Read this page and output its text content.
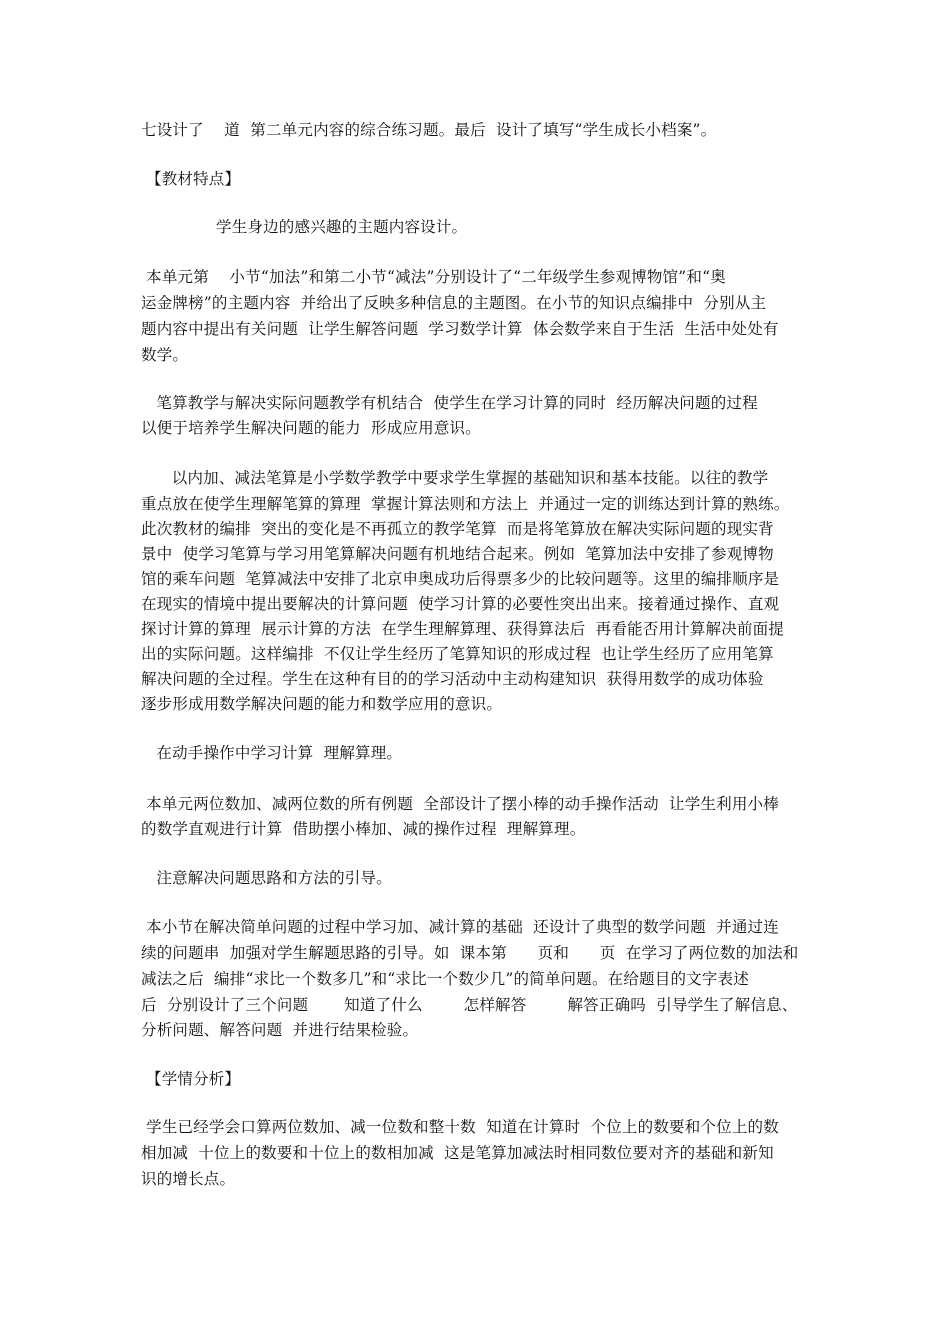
七设计了    道  第二单元内容的综合练习题。最后  设计了填写“学生成长小档案”。
【教材特点】
学生身边的感兴趣的主题内容设计。
本单元第    小节“加法”和第二小节“减法”分别设计了“二年级学生参观博物馆”和“奥
运金牌榜”的主题内容  并给出了反映多种信息的主题图。在小节的知识点编排中  分别从主
题内容中提出有关问题  让学生解答问题  学习数学计算  体会数学来自于生活  生活中处处有
数学。
笔算教学与解决实际问题教学有机结合  使学生在学习计算的同时  经历解决问题的过程
以便于培养学生解决问题的能力  形成应用意识。
以内加、减法笔算是小学数学教学中要求学生掌握的基础知识和基本技能。以往的教学
重点放在使学生理解笔算的算理  掌握计算法则和方法上  并通过一定的训练达到计算的熟练。
此次教材的编排  突出的变化是不再孤立的教学笔算  而是将笔算放在解决实际问题的现实背
景中  使学习笔算与学习用笔算解决问题有机地结合起来。例如  笔算加法中安排了参观博物
馆的乘车问题  笔算减法中安排了北京申奥成功后得票多少的比较问题等。这里的编排顺序是
在现实的情境中提出要解决的计算问题  使学习计算的必要性突出出来。接着通过操作、直观
探讨计算的算理  展示计算的方法  在学生理解算理、获得算法后  再看能否用计算解决前面提
出的实际问题。这样编排  不仅让学生经历了笔算知识的形成过程  也让学生经历了应用笔算
解决问题的全过程。学生在这种有目的的学习活动中主动构建知识  获得用数学的成功体验
逐步形成用数学解决问题的能力和数学应用的意识。
在动手操作中学习计算  理解算理。
本单元两位数加、减两位数的所有例题  全部设计了摆小棒的动手操作活动  让学生利用小棒
的数学直观进行计算  借助摆小棒加、减的操作过程  理解算理。
注意解决问题思路和方法的引导。
本小节在解决简单问题的过程中学习加、减计算的基础  还设计了典型的数学问题  并通过连
续的问题串  加强对学生解题思路的引导。如  课本第      页和      页  在学习了两位数的加法和
减法之后  编排“求比一个数多几”和“求比一个数少几”的简单问题。在给题目的文字表述
后  分别设计了三个问题       知道了什么        怎样解答        解答正确吗  引导学生了解信息、
分析问题、解答问题  并进行结果检验。
【学情分析】
学生已经学会口算两位数加、减一位数和整十数  知道在计算时  个位上的数要和个位上的数
相加减  十位上的数要和十位上的数相加减  这是笔算加减法时相同数位要对齐的基础和新知
识的增长点。
